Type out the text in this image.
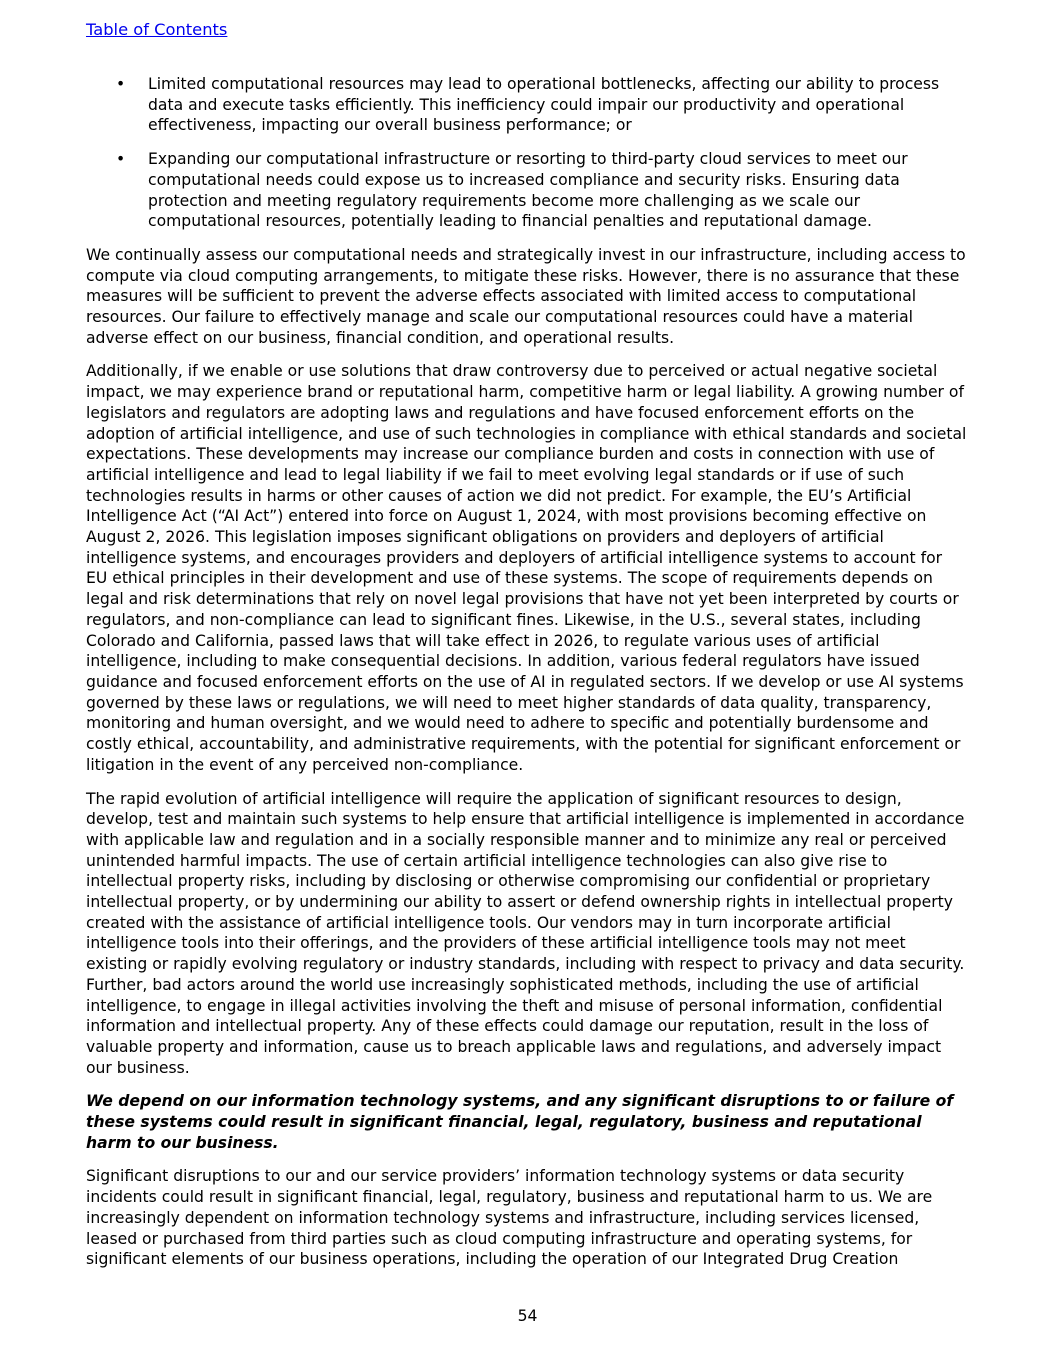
Table of Contents
• Limited computational resources may lead to operational bottlenecks, affecting our ability to process data and execute tasks efficiently. This inefficiency could impair our productivity and operational effectiveness, impacting our overall business performance; or
• Expanding our computational infrastructure or resorting to third-party cloud services to meet our computational needs could expose us to increased compliance and security risks. Ensuring data protection and meeting regulatory requirements become more challenging as we scale our computational resources, potentially leading to financial penalties and reputational damage.

We continually assess our computational needs and strategically invest in our infrastructure, including access to compute via cloud computing arrangements, to mitigate these risks. However, there is no assurance that these measures will be sufficient to prevent the adverse effects associated with limited access to computational resources. Our failure to effectively manage and scale our computational resources could have a material adverse effect on our business, financial condition, and operational results.

Additionally, if we enable or use solutions that draw controversy due to perceived or actual negative societal impact, we may experience brand or reputational harm, competitive harm or legal liability. A growing number of legislators and regulators are adopting laws and regulations and have focused enforcement efforts on the adoption of artificial intelligence, and use of such technologies in compliance with ethical standards and societal expectations. These developments may increase our compliance burden and costs in connection with use of artificial intelligence and lead to legal liability if we fail to meet evolving legal standards or if use of such technologies results in harms or other causes of action we did not predict. For example, the EU’s Artificial Intelligence Act (“AI Act”) entered into force on August 1, 2024, with most provisions becoming effective on August 2, 2026. This legislation imposes significant obligations on providers and deployers of artificial intelligence systems, and encourages providers and deployers of artificial intelligence systems to account for EU ethical principles in their development and use of these systems. The scope of requirements depends on legal and risk determinations that rely on novel legal provisions that have not yet been interpreted by courts or regulators, and non-compliance can lead to significant fines. Likewise, in the U.S., several states, including Colorado and California, passed laws that will take effect in 2026, to regulate various uses of artificial intelligence, including to make consequential decisions. In addition, various federal regulators have issued guidance and focused enforcement efforts on the use of AI in regulated sectors. If we develop or use AI systems governed by these laws or regulations, we will need to meet higher standards of data quality, transparency, monitoring and human oversight, and we would need to adhere to specific and potentially burdensome and costly ethical, accountability, and administrative requirements, with the potential for significant enforcement or litigation in the event of any perceived non-compliance.

The rapid evolution of artificial intelligence will require the application of significant resources to design, develop, test and maintain such systems to help ensure that artificial intelligence is implemented in accordance with applicable law and regulation and in a socially responsible manner and to minimize any real or perceived unintended harmful impacts. The use of certain artificial intelligence technologies can also give rise to intellectual property risks, including by disclosing or otherwise compromising our confidential or proprietary intellectual property, or by undermining our ability to assert or defend ownership rights in intellectual property created with the assistance of artificial intelligence tools. Our vendors may in turn incorporate artificial intelligence tools into their offerings, and the providers of these artificial intelligence tools may not meet existing or rapidly evolving regulatory or industry standards, including with respect to privacy and data security. Further, bad actors around the world use increasingly sophisticated methods, including the use of artificial intelligence, to engage in illegal activities involving the theft and misuse of personal information, confidential information and intellectual property. Any of these effects could damage our reputation, result in the loss of valuable property and information, cause us to breach applicable laws and regulations, and adversely impact our business.

We depend on our information technology systems, and any significant disruptions to or failure of these systems could result in significant financial, legal, regulatory, business and reputational harm to our business.

Significant disruptions to our and our service providers’ information technology systems or data security incidents could result in significant financial, legal, regulatory, business and reputational harm to us. We are increasingly dependent on information technology systems and infrastructure, including services licensed, leased or purchased from third parties such as cloud computing infrastructure and operating systems, for significant elements of our business operations, including the operation of our Integrated Drug Creation

54
